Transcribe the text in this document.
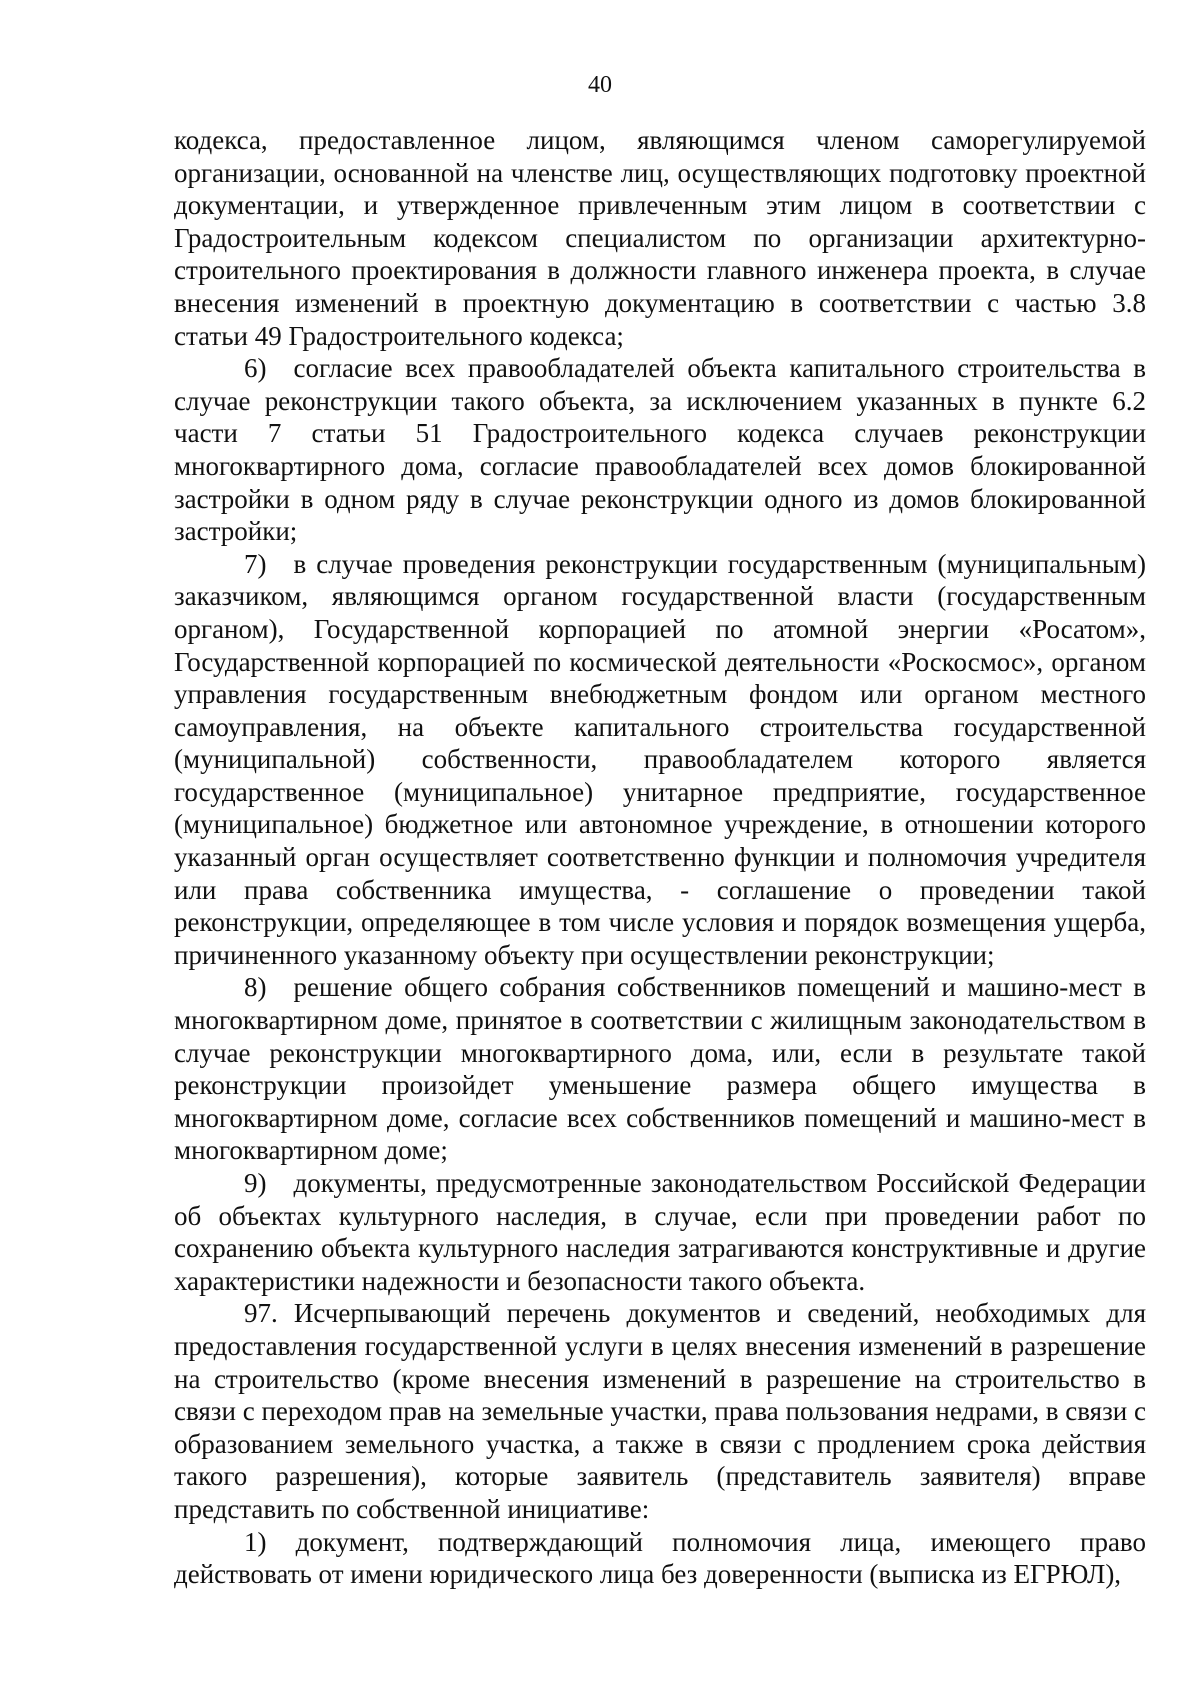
40

кодекса, предоставленное лицом, являющимся членом саморегулируемой организации, основанной на членстве лиц, осуществляющих подготовку проектной документации, и утвержденное привлеченным этим лицом в соответствии с Градостроительным кодексом специалистом по организации архитектурно-строительного проектирования в должности главного инженера проекта, в случае внесения изменений в проектную документацию в соответствии с частью 3.8 статьи 49 Градостроительного кодекса;

6) согласие всех правообладателей объекта капитального строительства в случае реконструкции такого объекта, за исключением указанных в пункте 6.2 части 7 статьи 51 Градостроительного кодекса случаев реконструкции многоквартирного дома, согласие правообладателей всех домов блокированной застройки в одном ряду в случае реконструкции одного из домов блокированной застройки;

7) в случае проведения реконструкции государственным (муниципальным) заказчиком, являющимся органом государственной власти (государственным органом), Государственной корпорацией по атомной энергии «Росатом», Государственной корпорацией по космической деятельности «Роскосмос», органом управления государственным внебюджетным фондом или органом местного самоуправления, на объекте капитального строительства государственной (муниципальной) собственности, правообладателем которого является государственное (муниципальное) унитарное предприятие, государственное (муниципальное) бюджетное или автономное учреждение, в отношении которого указанный орган осуществляет соответственно функции и полномочия учредителя или права собственника имущества, - соглашение о проведении такой реконструкции, определяющее в том числе условия и порядок возмещения ущерба, причиненного указанному объекту при осуществлении реконструкции;

8) решение общего собрания собственников помещений и машино-мест в многоквартирном доме, принятое в соответствии с жилищным законодательством в случае реконструкции многоквартирного дома, или, если в результате такой реконструкции произойдет уменьшение размера общего имущества в многоквартирном доме, согласие всех собственников помещений и машино-мест в многоквартирном доме;

9) документы, предусмотренные законодательством Российской Федерации об объектах культурного наследия, в случае, если при проведении работ по сохранению объекта культурного наследия затрагиваются конструктивные и другие характеристики надежности и безопасности такого объекта.

97. Исчерпывающий перечень документов и сведений, необходимых для предоставления государственной услуги в целях внесения изменений в разрешение на строительство (кроме внесения изменений в разрешение на строительство в связи с переходом прав на земельные участки, права пользования недрами, в связи с образованием земельного участка, а также в связи с продлением срока действия такого разрешения), которые заявитель (представитель заявителя) вправе представить по собственной инициативе:

1) документ, подтверждающий полномочия лица, имеющего право действовать от имени юридического лица без доверенности (выписка из ЕГРЮЛ),
